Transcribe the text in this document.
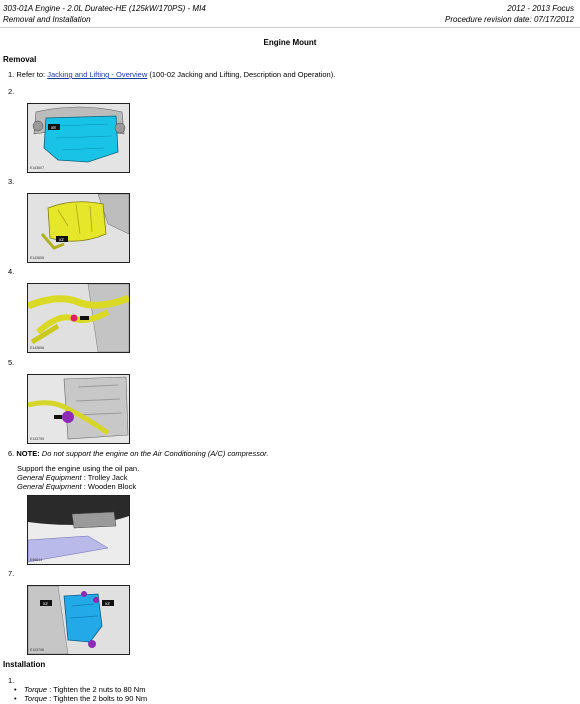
303-01A Engine - 2.0L Duratec-HE (125kW/170PS) - MI4
Removal and Installation
2012 - 2013 Focus
Procedure revision date: 07/17/2012
Engine Mount
Removal
1. Refer to: Jacking and Lifting - Overview (100-02 Jacking and Lifting, Description and Operation).
2.
x8
E143607
3.
x2
E143655
4.
E143656
5.
E143795
6. NOTE: Do not support the engine on the Air Conditioning (A/C) compressor.
Support the engine using the oil pan.
General Equipment : Trolley Jack
General Equipment : Wooden Block
E96644
7.
x2	x2
E143796
Installation
1.
• Torque : Tighten the 2 nuts to 80 Nm
• Torque : Tighten the 2 bolts to 90 Nm
